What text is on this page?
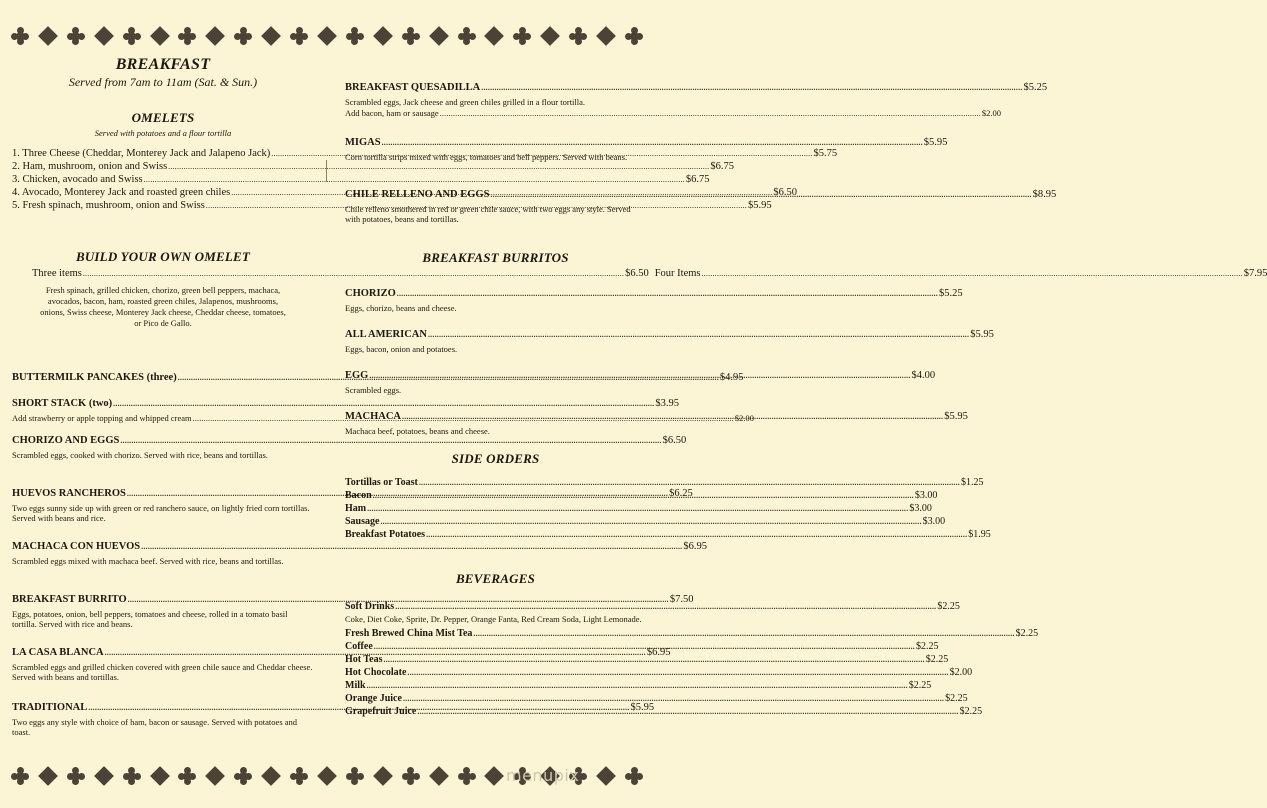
BREAKFAST

Served from 7am to 11am (Sat. & Sun.)

OMELETS

Served with potatoes and a flour tortilla

1. Three Cheese (Cheddar, Monterey Jack and Jalapeno Jack) .....	$5.75
2. Ham, mushroom, onion and Swiss .....	$6.75
3. Chicken, avocado and Swiss .....	$6.75
4. Avocado, Monterey Jack and roasted green chiles .....	$6.50
5. Fresh spinach, mushroom, onion and Swiss .....	$5.95

BUILD YOUR OWN OMELET

Three items .....	$6.50 Four Items .....	$7.95

Fresh spinach, grilled chicken, chorizo, green bell peppers, machaca, avocados, bacon, ham, roasted green chiles, Jalapenos, mushrooms, onions, Swiss cheese, Monterey Jack cheese, Cheddar cheese, tomatoes, or Pico de Gallo.

BUTTERMILK PANCAKES (three) .....	$4.95
SHORT STACK (two) .....	$3.95
Add strawberry or apple topping and whipped cream .....	$2.00
CHORIZO AND EGGS .....	$6.50

Scrambled eggs, cooked with chorizo. Served with rice, beans and tortillas.

HUEVOS RANCHEROS .....	$6.25

Two eggs sunny side up with green or red ranchero sauce, on lightly fried corn tortillas. Served with beans and rice.

MACHACA CON HUEVOS .....	$6.95

Scrambled eggs mixed with machaca beef. Served with rice, beans and tortillas.

BREAKFAST BURRITO .....	$7.50

Eggs, potatoes, onion, bell peppers, tomatoes and cheese, rolled in a tomato basil tortilla. Served with rice and beans.

LA CASA BLANCA .....	$6.95

Scrambled eggs and grilled chicken covered with green chile sauce and Cheddar cheese. Served with beans and tortillas.

TRADITIONAL .....	$5.95

Two eggs any style with choice of ham, bacon or sausage. Served with potatoes and toast.

BREAKFAST QUESADILLA .....	$5.25

Scrambled eggs, Jack cheese and green chiles grilled in a flour tortilla.

Add bacon, ham or sausage .....	$2.00
MIGAS .....	$5.95

Corn tortilla strips mixed with eggs, tomatoes and bell peppers. Served with beans.

CHILE RELLENO AND EGGS .....	$8.95

Chile relleno smothered in red or green chile sauce, with two eggs any style. Served with potatoes, beans and tortillas.

BREAKFAST BURRITOS

CHORIZO .....	$5.25

Eggs, chorizo, beans and cheese.

ALL AMERICAN .....	$5.95

Eggs, bacon, onion and potatoes.

EGG .....	$4.00

Scrambled eggs.

MACHACA .....	$5.95

Machaca beef, potatoes, beans and cheese.

SIDE ORDERS

Tortillas or Toast .....	$1.25
Bacon .....	$3.00
Ham .....	$3.00
Sausage .....	$3.00
Breakfast Potatoes .....	$1.95

BEVERAGES

Soft Drinks .....	$2.25

Coke, Diet Coke, Sprite, Dr. Pepper, Orange Fanta, Red Cream Soda, Light Lemonade.

Fresh Brewed China Mist Tea .....	$2.25
Coffee .....	$2.25
Hot Teas .....	$2.25
Hot Chocolate .....	$2.00
Milk .....	$2.25
Orange Juice .....	$2.25
Grapefruit Juice .....	$2.25
menupix
